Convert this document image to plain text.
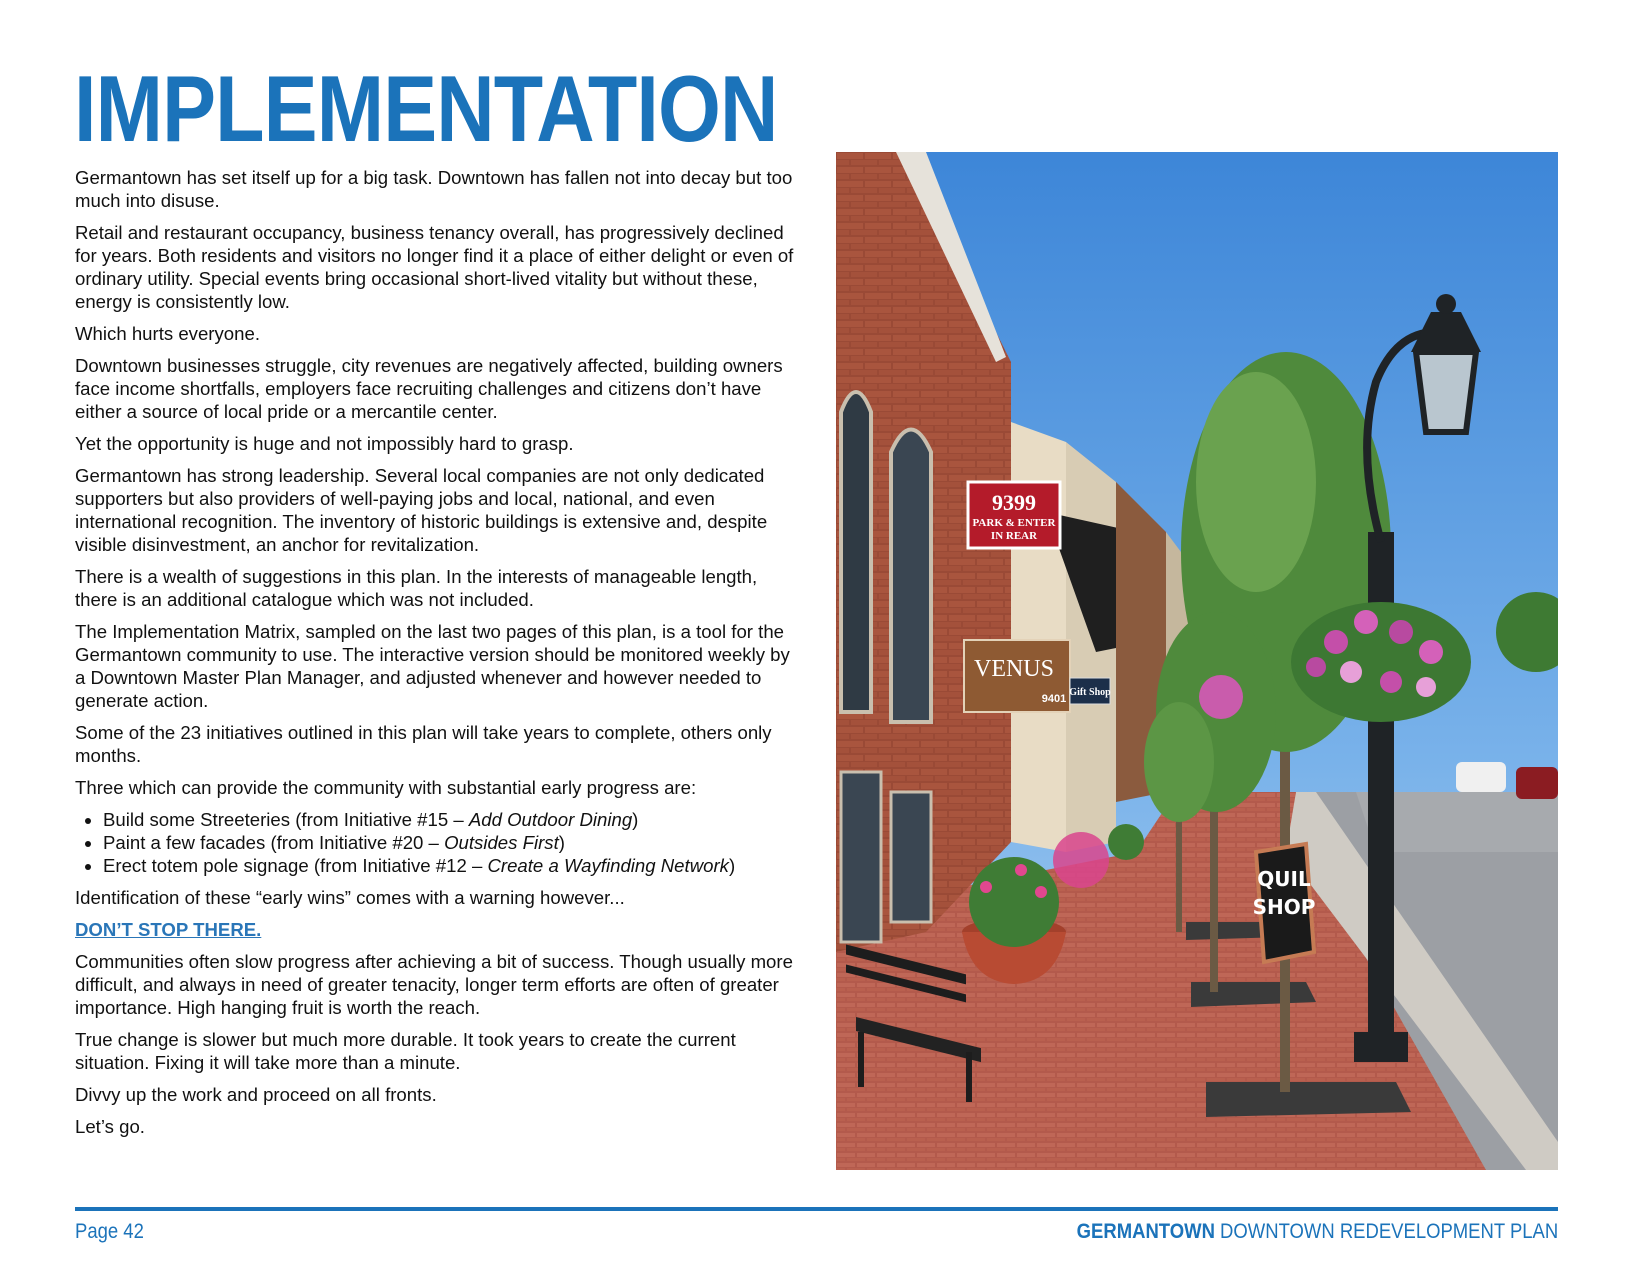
IMPLEMENTATION

Germantown has set itself up for a big task. Downtown has fallen not into decay but too much into disuse.

Retail and restaurant occupancy, business tenancy overall, has progressively declined for years. Both residents and visitors no longer find it a place of either delight or even of ordinary utility. Special events bring occasional short-lived vitality but without these, energy is consistently low.

Which hurts everyone.

Downtown businesses struggle, city revenues are negatively affected, building owners face income shortfalls, employers face recruiting challenges and citizens don’t have either a source of local pride or a mercantile center.

Yet the opportunity is huge and not impossibly hard to grasp.

Germantown has strong leadership. Several local companies are not only dedicated supporters but also providers of well-paying jobs and local, national, and even international recognition. The inventory of historic buildings is extensive and, despite visible disinvestment, an anchor for revitalization.

There is a wealth of suggestions in this plan. In the interests of manageable length, there is an additional catalogue which was not included.

The Implementation Matrix, sampled on the last two pages of this plan, is a tool for the Germantown community to use. The interactive version should be monitored weekly by a Downtown Master Plan Manager, and adjusted whenever and however needed to generate action.

Some of the 23 initiatives outlined in this plan will take years to complete, others only months.

Three which can provide the community with substantial early progress are:

• Build some Streeteries (from Initiative #15 – Add Outdoor Dining)
• Paint a few facades (from Initiative #20 – Outsides First)
• Erect totem pole signage (from Initiative #12 – Create a Wayfinding Network)

Identification of these “early wins” comes with a warning however...

DON’T STOP THERE.

Communities often slow progress after achieving a bit of success. Though usually more difficult, and always in need of greater tenacity, longer term efforts are often of greater importance. High hanging fruit is worth the reach.

True change is slower but much more durable. It took years to create the current situation. Fixing it will take more than a minute.

Divvy up the work and proceed on all fronts.

Let’s go.

9399
PARK & ENTER
IN REAR
VENUS
9401
Gift Shop
QUIL
SHOP
Page 42	GERMANTOWN DOWNTOWN REDEVELOPMENT PLAN
